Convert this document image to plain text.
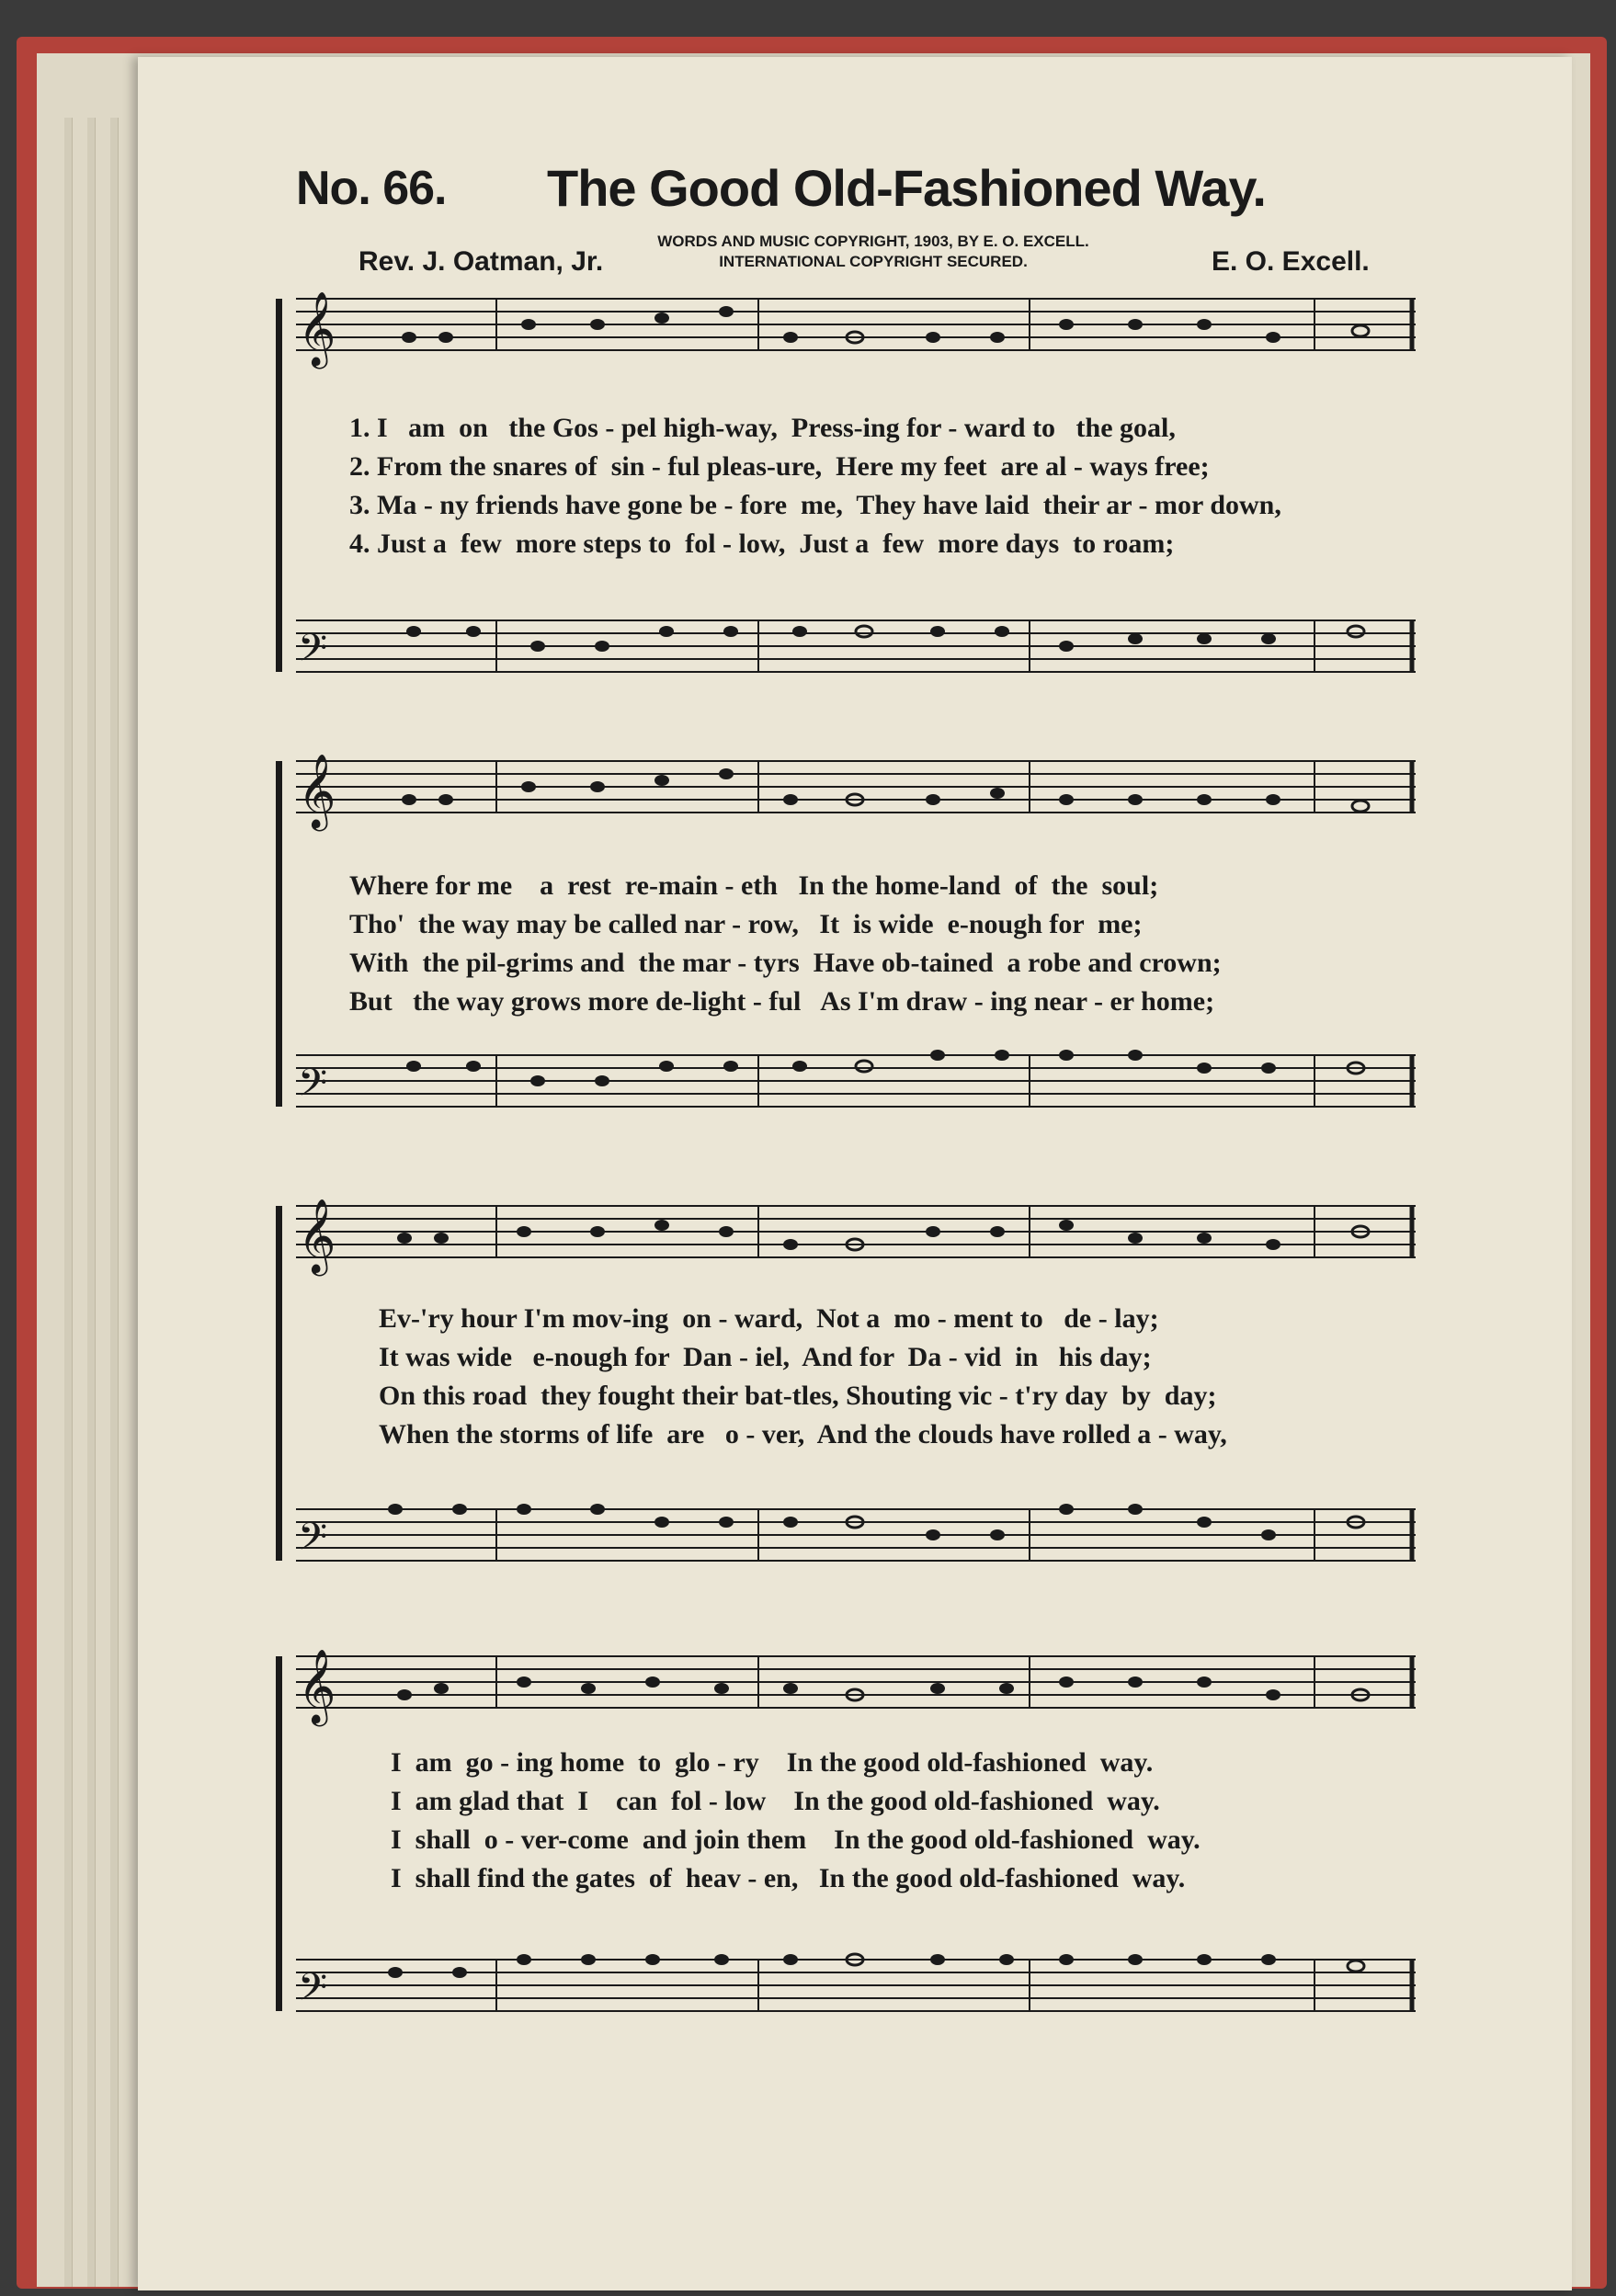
No. 66. The Good Old-Fashioned Way.
WORDS AND MUSIC COPYRIGHT, 1903, BY E. O. EXCELL.
INTERNATIONAL COPYRIGHT SECURED.
Rev. J. Oatman, Jr.	E. O. Excell.
𝄞
𝄢
1. I   am  on   the Gos - pel high-way,  Press-ing for - ward to   the goal,
2. From the snares of  sin - ful pleas-ure,  Here my feet  are al - ways free;
3. Ma - ny friends have gone be - fore  me,  They have laid  their ar - mor down,
4. Just a  few  more steps to  fol - low,  Just a  few  more days  to roam;
𝄞
𝄢
Where for me    a  rest  re-main - eth   In the home-land  of  the  soul;
Tho'  the way may be called nar - row,   It  is wide  e-nough for  me;
With  the pil-grims and  the mar - tyrs  Have ob-tained  a robe and crown;
But   the way grows more de-light - ful   As I'm draw - ing near - er home;
𝄞
𝄢
Ev-'ry hour I'm mov-ing  on - ward,  Not a  mo - ment to   de - lay;
It was wide   e-nough for  Dan - iel,  And for  Da - vid  in   his day;
On this road  they fought their bat-tles, Shouting vic - t'ry day  by  day;
When the storms of life  are   o - ver,  And the clouds have rolled a - way,
𝄞
𝄢
I  am  go - ing home  to  glo - ry    In the good old-fashioned  way.
I  am glad that  I    can  fol - low    In the good old-fashioned  way.
I  shall  o - ver-come  and join them    In the good old-fashioned  way.
I  shall find the gates  of  heav - en,   In the good old-fashioned  way.
